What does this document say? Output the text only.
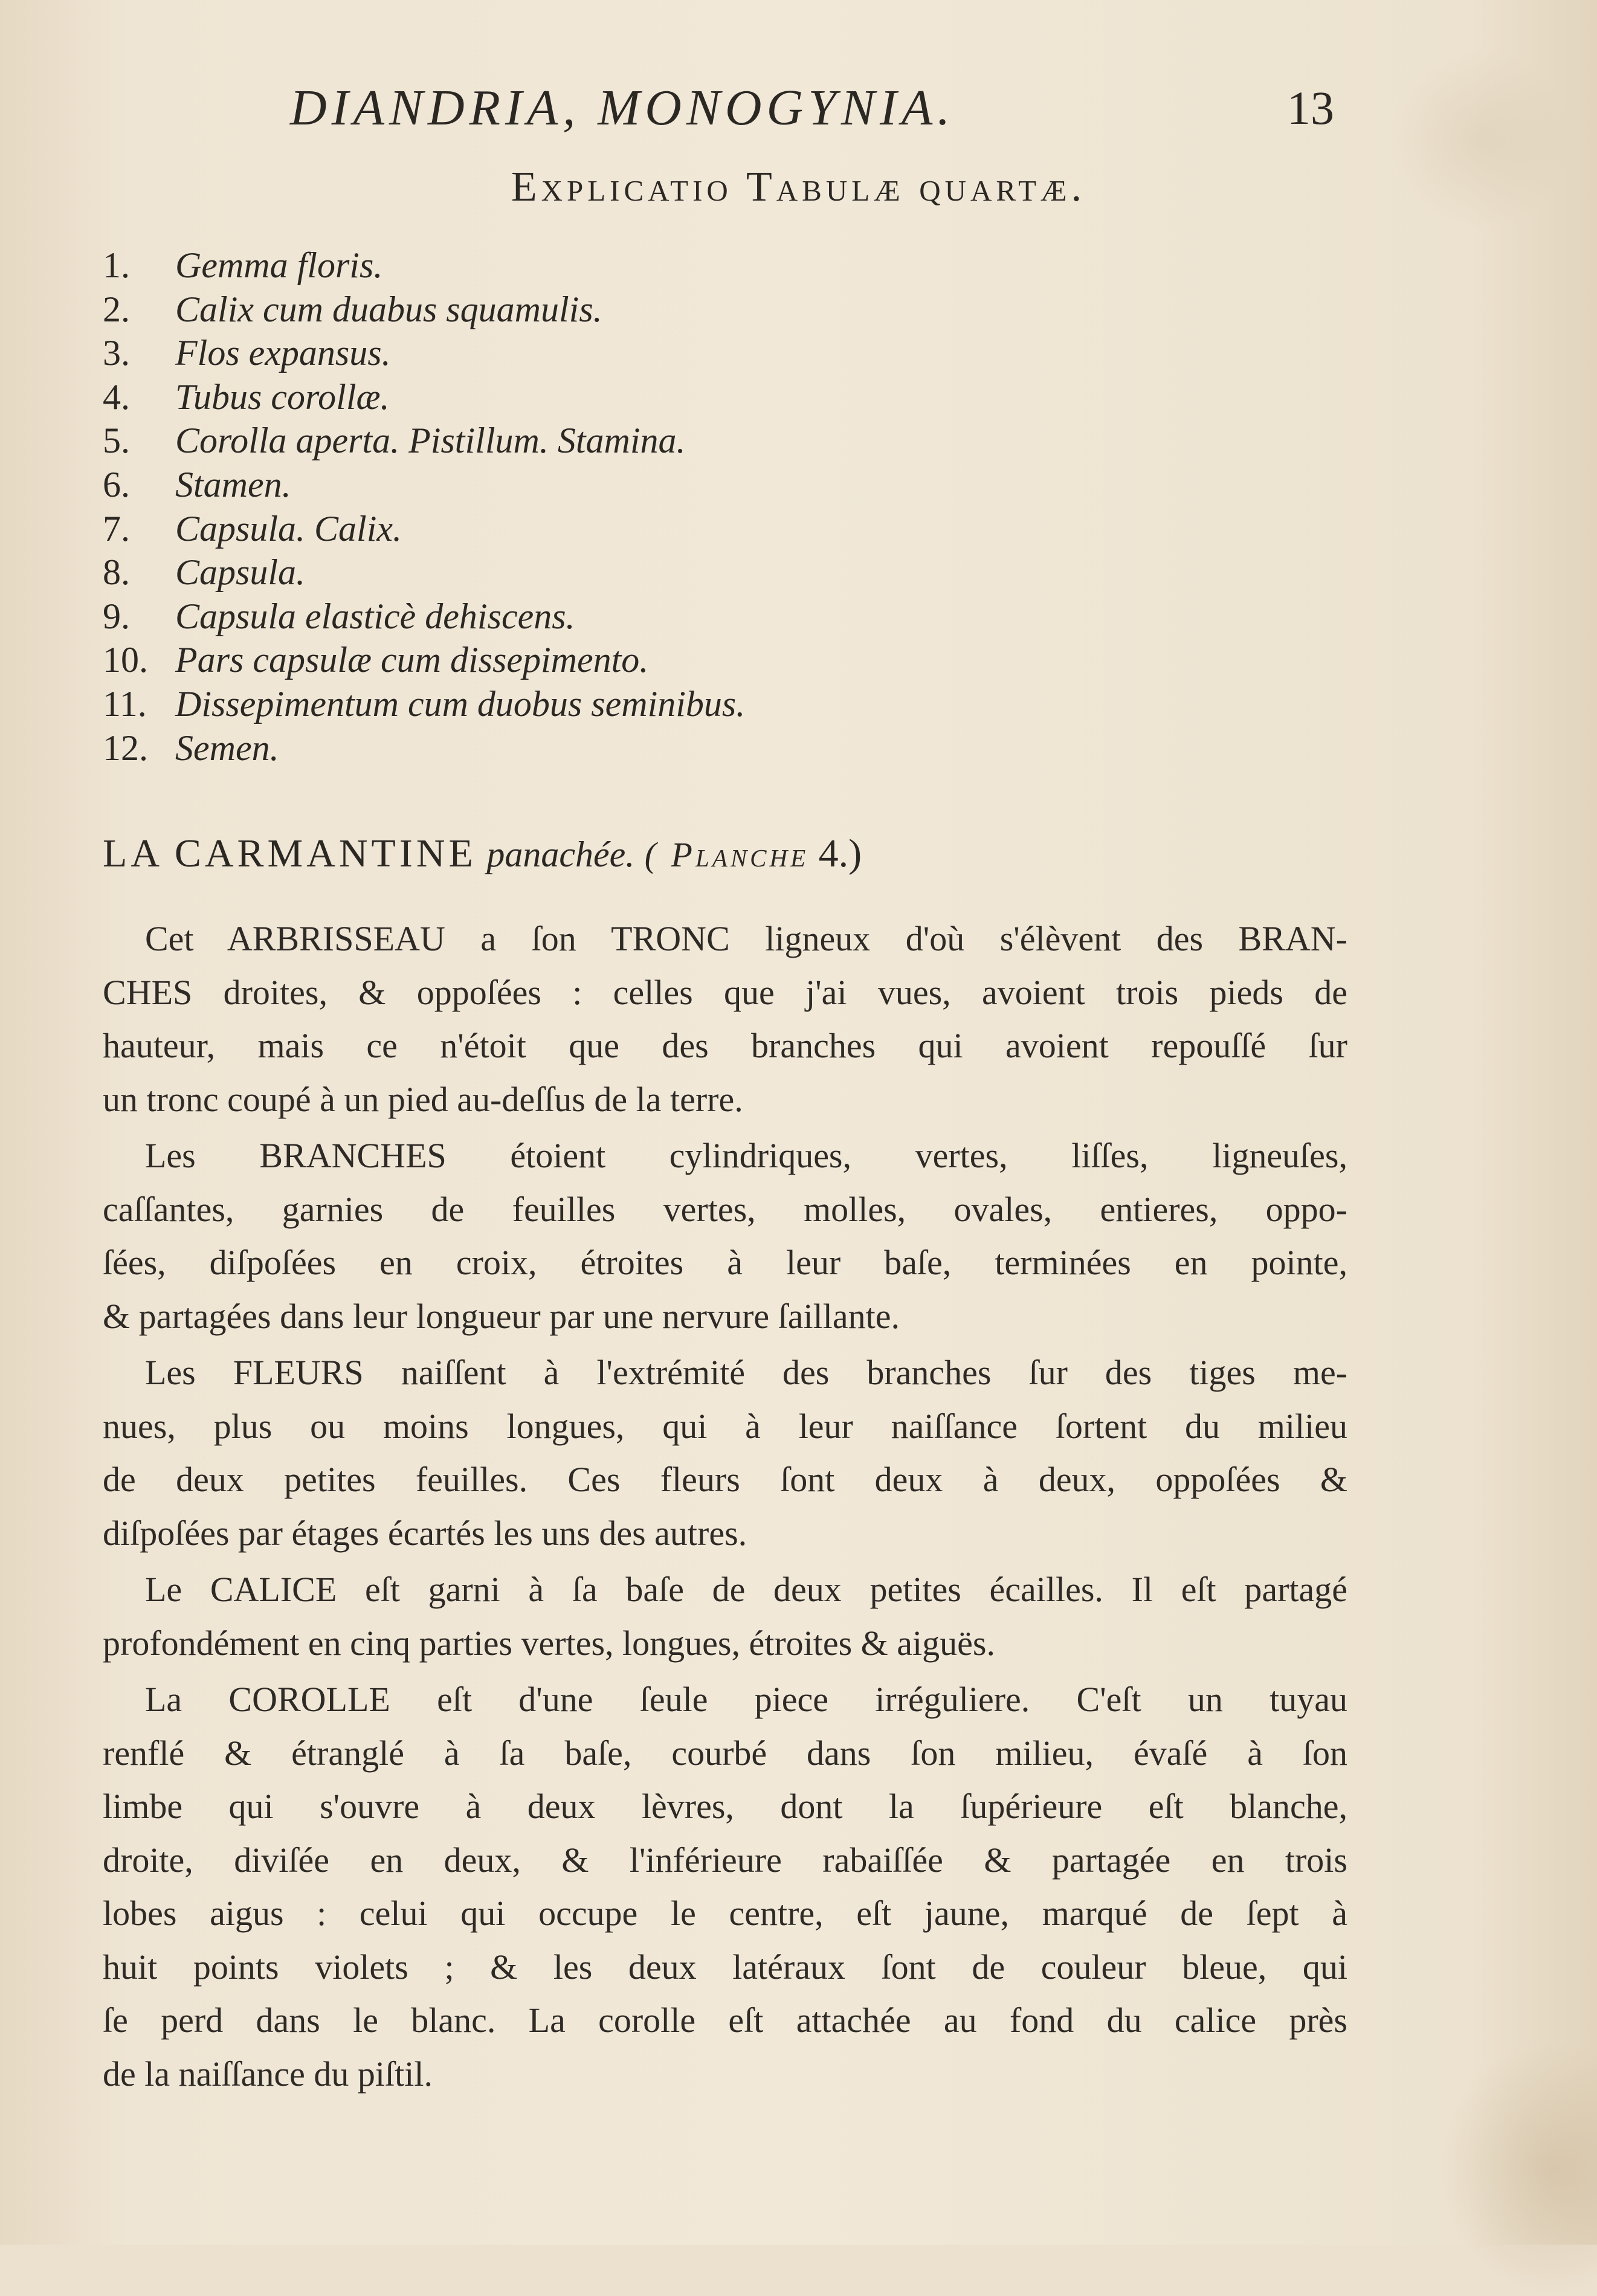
DIANDRIA, MONOGYNIA.	13
Explicatio Tabulæ quartæ.
1.	Gemma floris.
2.	Calix cum duabus squamulis.
3.	Flos expansus.
4.	Tubus corollæ.
5.	Corolla aperta. Pistillum. Stamina.
6.	Stamen.
7.	Capsula. Calix.
8.	Capsula.
9.	Capsula elasticè dehiscens.
10. Pars capsulæ cum dissepimento.
11. Dissepimentum cum duobus seminibus.
12. Semen.
LA CARMANTINE panachée. ( Planche 4.)
Cet ARBRISSEAU a ſon TRONC ligneux d'où s'élèvent des BRAN-
CHES droites, & oppoſées : celles que j'ai vues, avoient trois pieds de
hauteur, mais ce n'étoit que des branches qui avoient repouſſé ſur
un tronc coupé à un pied au-deſſus de la terre.
Les BRANCHES étoient cylindriques, vertes, liſſes, ligneuſes,
caſſantes, garnies de feuilles vertes, molles, ovales, entieres, oppo-
ſées, diſpoſées en croix, étroites à leur baſe, terminées en pointe,
& partagées dans leur longueur par une nervure ſaillante.
Les FLEURS naiſſent à l'extrémité des branches ſur des tiges me-
nues, plus ou moins longues, qui à leur naiſſance ſortent du milieu
de deux petites feuilles. Ces fleurs ſont deux à deux, oppoſées &
diſpoſées par étages écartés les uns des autres.
Le CALICE eſt garni à ſa baſe de deux petites écailles. Il eſt partagé
profondément en cinq parties vertes, longues, étroites & aiguës.
La COROLLE eſt d'une ſeule piece irréguliere. C'eſt un tuyau
renflé & étranglé à ſa baſe, courbé dans ſon milieu, évaſé à ſon
limbe qui s'ouvre à deux lèvres, dont la ſupérieure eſt blanche,
droite, diviſée en deux, & l'inférieure rabaiſſée & partagée en trois
lobes aigus : celui qui occupe le centre, eſt jaune, marqué de ſept à
huit points violets ; & les deux latéraux ſont de couleur bleue, qui
ſe perd dans le blanc. La corolle eſt attachée au fond du calice près
de la naiſſance du piſtil.
